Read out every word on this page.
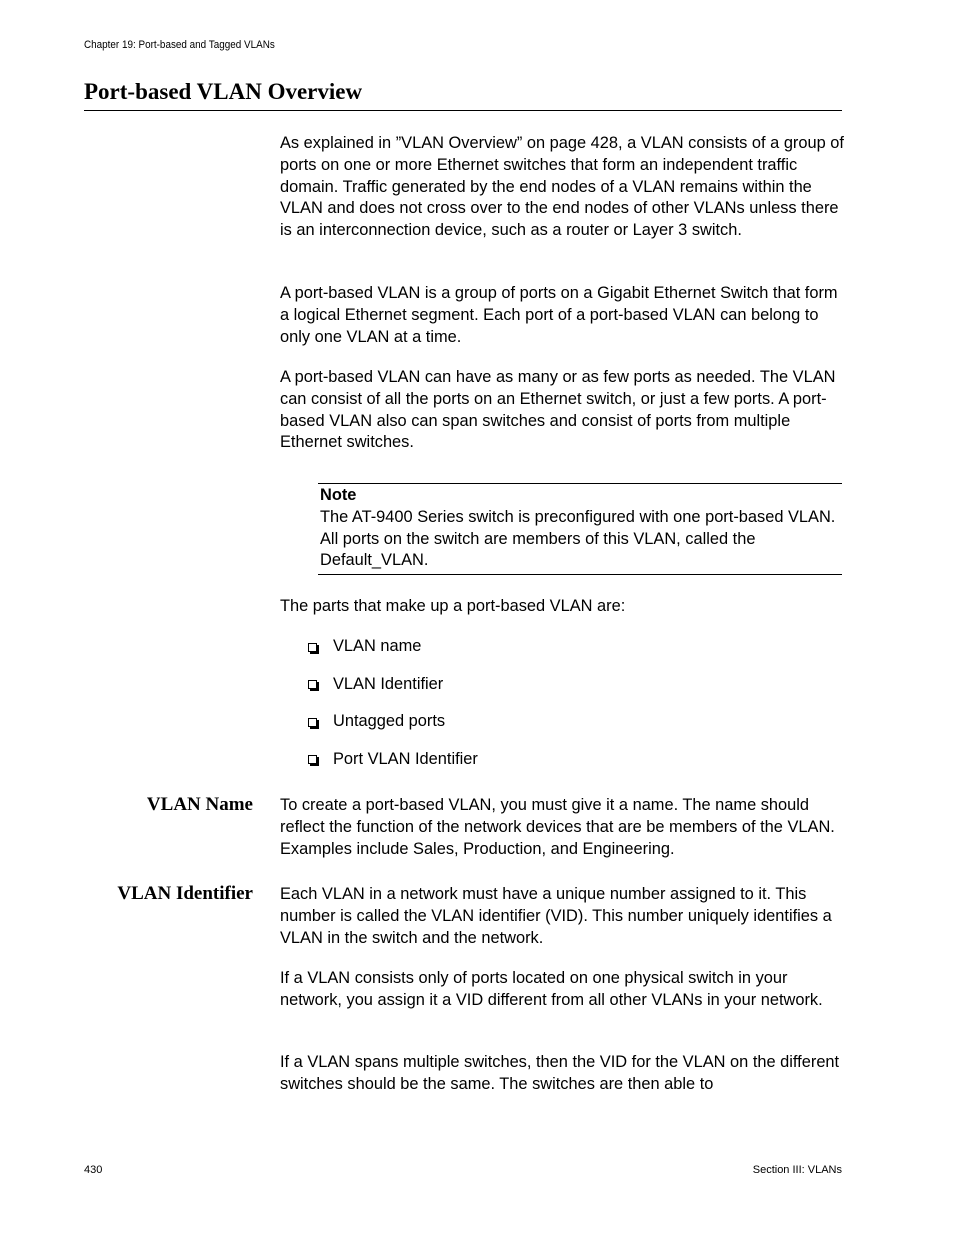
Chapter 19: Port-based and Tagged VLANs
Port-based VLAN Overview

As explained in ”VLAN Overview” on page 428, a VLAN consists of a group of ports on one or more Ethernet switches that form an independent traffic domain. Traffic generated by the end nodes of a VLAN remains within the VLAN and does not cross over to the end nodes of other VLANs unless there is an interconnection device, such as a router or Layer 3 switch.

A port-based VLAN is a group of ports on a Gigabit Ethernet Switch that form a logical Ethernet segment. Each port of a port-based VLAN can belong to only one VLAN at a time.

A port-based VLAN can have as many or as few ports as needed. The VLAN can consist of all the ports on an Ethernet switch, or just a few ports. A port-based VLAN also can span switches and consist of ports from multiple Ethernet switches.

Note
The AT-9400 Series switch is preconfigured with one port-based VLAN. All ports on the switch are members of this VLAN, called the Default_VLAN.

The parts that make up a port-based VLAN are:

VLAN name
VLAN Identifier
Untagged ports
Port VLAN Identifier
VLAN Name To create a port-based VLAN, you must give it a name. The name should reflect the function of the network devices that are be members of the VLAN. Examples include Sales, Production, and Engineering.

VLAN Identifier Each VLAN in a network must have a unique number assigned to it. This number is called the VLAN identifier (VID). This number uniquely identifies a VLAN in the switch and the network.

If a VLAN consists only of ports located on one physical switch in your network, you assign it a VID different from all other VLANs in your network.

If a VLAN spans multiple switches, then the VID for the VLAN on the different switches should be the same. The switches are then able to

430	Section III: VLANs
